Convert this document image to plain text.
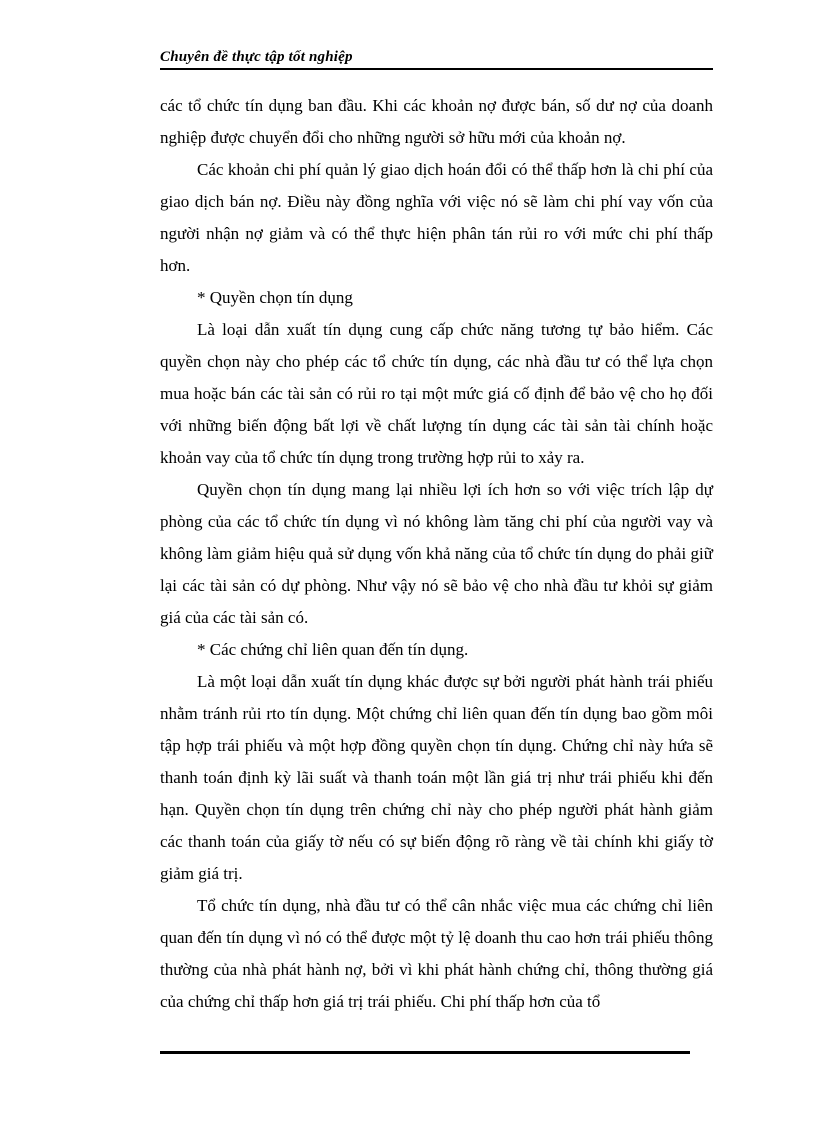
Chuyên đề thực tập tốt nghiệp

các tổ chức tín dụng ban đầu. Khi các khoản nợ được bán, số dư nợ của doanh nghiệp được chuyển đổi cho những người sở hữu mới của khoản nợ.

Các khoản chi phí quản lý giao dịch hoán đổi có thể thấp hơn là chi phí của giao dịch bán nợ. Điều này đồng nghĩa với việc nó sẽ làm chi phí vay vốn của người nhận nợ giảm và có thể thực hiện phân tán rủi ro với mức chi phí thấp hơn.

* Quyền chọn tín dụng

Là loại dẫn xuất tín dụng cung cấp chức năng tương tự bảo hiểm. Các quyền chọn này cho phép các tổ chức tín dụng, các nhà đầu tư có thể lựa chọn mua hoặc bán các tài sản có rủi ro tại một mức giá cố định để bảo vệ cho họ đối với những biến động bất lợi về chất lượng tín dụng các tài sản tài chính hoặc khoản vay của tổ chức tín dụng trong trường hợp rủi to xảy ra.

Quyền chọn tín dụng mang lại nhiều lợi ích hơn so với việc trích lập dự phòng của các tổ chức tín dụng vì nó không làm tăng chi phí của người vay và không làm giảm hiệu quả sử dụng vốn khả năng của tổ chức tín dụng do phải giữ lại các tài sản có dự phòng. Như vậy nó sẽ bảo vệ cho nhà đầu tư khỏi sự giảm giá của các tài sản có.

* Các chứng chỉ liên quan đến tín dụng.

Là một loại dẫn xuất tín dụng khác được sự bởi người phát hành trái phiếu nhằm tránh rủi rto tín dụng. Một chứng chỉ liên quan đến tín dụng bao gồm môi tập hợp trái phiếu và một hợp đồng quyền chọn tín dụng. Chứng chỉ này hứa sẽ thanh toán định kỳ lãi suất và thanh toán một lần giá trị như trái phiếu khi đến hạn. Quyền chọn tín dụng trên chứng chỉ này cho phép người phát hành giảm các thanh toán của giấy tờ nếu có sự biến động rõ ràng về tài chính khi giấy tờ giảm giá trị.

Tổ chức tín dụng, nhà đầu tư có thể cân nhắc việc mua các chứng chỉ liên quan đến tín dụng vì nó có thể được một tỷ lệ doanh thu cao hơn trái phiếu thông thường của nhà phát hành nợ, bởi vì khi phát hành chứng chỉ, thông thường giá của chứng chỉ thấp hơn giá trị trái phiếu. Chi phí thấp hơn của tổ
